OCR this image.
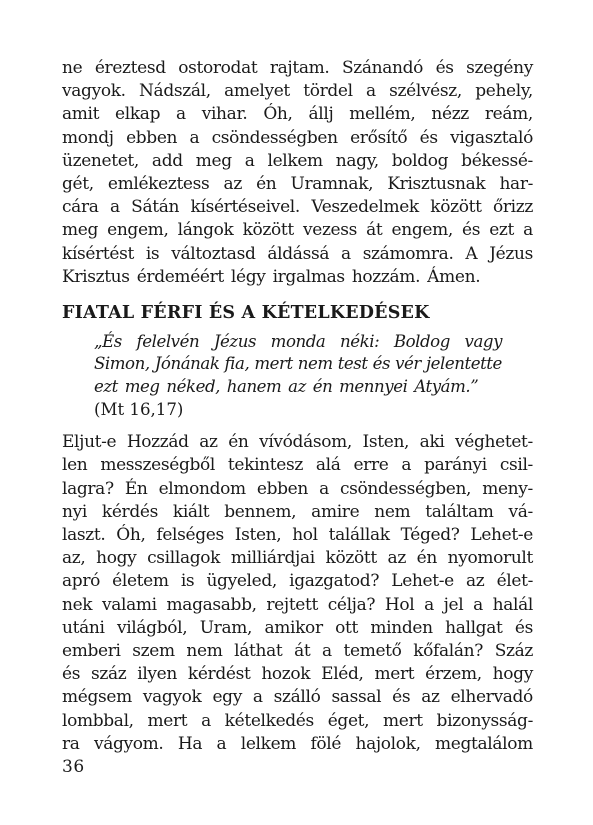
ne éreztesd ostorodat rajtam. Szánandó és szegény
vagyok. Nádszál, amelyet tördel a szélvész, pehely,
amit elkap a vihar. Óh, állj mellém, nézz reám,
mondj ebben a csöndességben erősítő és vigasztaló
üzenetet, add meg a lelkem nagy, boldog békessé-
gét, emlékeztess az én Uramnak, Krisztusnak har-
cára a Sátán kísértéseivel. Veszedelmek között őrizz
meg engem, lángok között vezess át engem, és ezt a
kísértést is változtasd áldássá a számomra. A Jézus
Krisztus érdeméért légy irgalmas hozzám. Ámen.
FIATAL FÉRFI ÉS A KÉTELKEDÉSEK
„És felelvén Jézus monda néki: Boldog vagy
Simon, Jónának fia, mert nem test és vér jelentette
ezt meg néked, hanem az én mennyei Atyám.”
(Mt 16,17)
Eljut-e Hozzád az én vívódásom, Isten, aki véghetet-
len messzeségből tekintesz alá erre a parányi csil-
lagra? Én elmondom ebben a csöndességben, meny-
nyi kérdés kiált bennem, amire nem találtam vá-
laszt. Óh, felséges Isten, hol talállak Téged? Lehet-e
az, hogy csillagok milliárdjai között az én nyomorult
apró életem is ügyeled, igazgatod? Lehet-e az élet-
nek valami magasabb, rejtett célja? Hol a jel a halál
utáni világból, Uram, amikor ott minden hallgat és
emberi szem nem láthat át a temető kőfalán? Száz
és száz ilyen kérdést hozok Eléd, mert érzem, hogy
mégsem vagyok egy a szálló sassal és az elhervadó
lombbal, mert a kételkedés éget, mert bizonysság-
ra vágyom. Ha a lelkem fölé hajolok, megtalálom
36
